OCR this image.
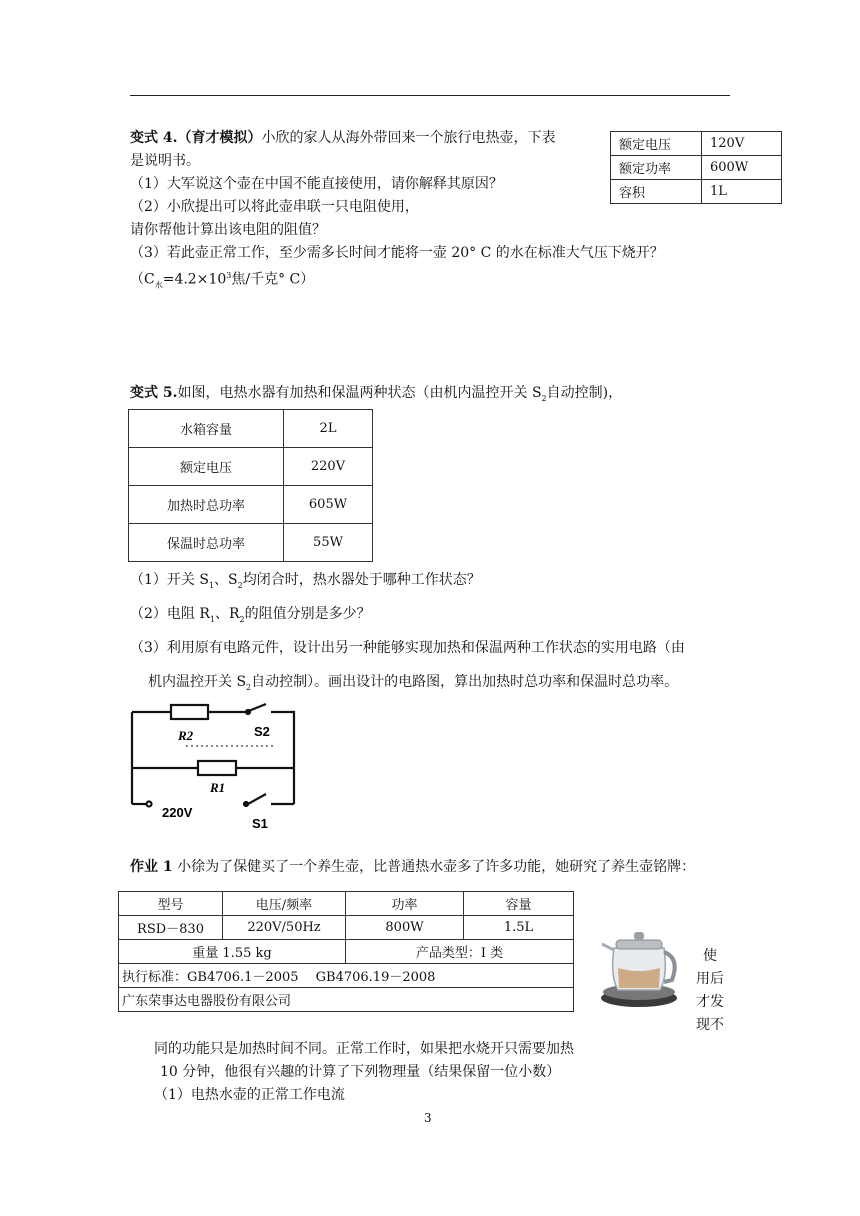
变式 4.（育才模拟）小欣的家人从海外带回来一个旅行电热壶，下表
是说明书。
（1）大军说这个壶在中国不能直接使用，请你解释其原因？
（2）小欣提出可以将此壶串联一只电阻使用，
请你帮他计算出该电阻的阻值？
（3）若此壶正常工作，至少需多长时间才能将一壶 20° C 的水在标准大气压下烧开？
（$C_水=4.2\times 10^3$焦/千克° C）
额定电压	120V
额定功率	600W
容积	1L
变式 5.如图，电热水器有加热和保温两种状态（由机内温控开关 $S_2$自动控制)，
水箱容量	2L
额定电压	220V
加热时总功率	605W
保温时总功率	55W
（1）开关 $S_1$、$S_2$均闭合时，热水器处于哪种工作状态？
（2）电阻 $R_1$、$R_2$的阻值分别是多少？
（3）利用原有电路元件，设计出另一种能够实现加热和保温两种工作状态的实用电路（由
机内温控开关 $S_2$自动控制）。画出设计的电路图，算出加热时总功率和保温时总功率。
R2	S2
R1
220V
S1
作业 1 小徐为了保健买了一个养生壶，比普通热水壶多了许多功能，她研究了养生壶铭牌：
型号	电压/频率	功率	容量
RSD－830	220V/50Hz	800W	1.5L
重量 1.55 kg		产品类型：I 类	
执行标准：GB4706.1－2005　 GB4706.19－2008			
广东荣事达电器股份有限公司			
使
用后
才发
现不
同的功能只是加热时间不同。正常工作时，如果把水烧开只需要加热
10 分钟，他很有兴趣的计算了下列物理量（结果保留一位小数）
（1）电热水壶的正常工作电流
3
